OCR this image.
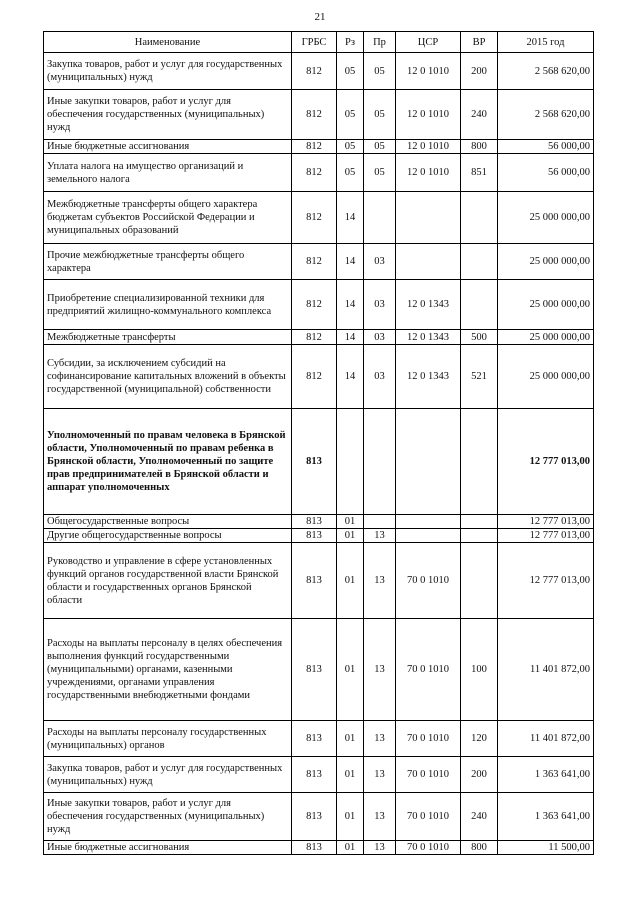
21
Наименование	ГРБС	Рз	Пр	ЦСР	ВР	2015 год
Закупка товаров, работ и услуг для государственных (муниципальных) нужд	812	05	05	12 0 1010	200	2 568 620,00
Иные закупки товаров, работ и услуг для обеспечения государственных (муниципальных) нужд	812	05	05	12 0 1010	240	2 568 620,00
Иные бюджетные ассигнования	812	05	05	12 0 1010	800	56 000,00
Уплата налога на имущество организаций и земельного налога	812	05	05	12 0 1010	851	56 000,00
Межбюджетные трансферты общего характера бюджетам субъектов Российской Федерации и муниципальных образований	812	14				25 000 000,00
Прочие межбюджетные трансферты общего характера	812	14	03			25 000 000,00
Приобретение специализированной техники для предприятий жилищно-коммунального комплекса	812	14	03	12 0 1343		25 000 000,00
Межбюджетные трансферты	812	14	03	12 0 1343	500	25 000 000,00
Субсидии, за исключением субсидий на софинансирование капитальных вложений в объекты государственной (муниципальной) собственности	812	14	03	12 0 1343	521	25 000 000,00
Уполномоченный по правам человека в Брянской области, Уполномоченный по правам ребенка в Брянской области, Уполномоченный по защите прав предпринимателей в Брянской области и аппарат уполномоченных	813					12 777 013,00
Общегосударственные вопросы	813	01				12 777 013,00
Другие общегосударственные вопросы	813	01	13			12 777 013,00
Руководство и управление в сфере установленных функций органов государственной власти Брянской области и государственных органов Брянской области	813	01	13	70 0 1010		12 777 013,00
Расходы на выплаты персоналу в целях обеспечения выполнения функций государственными (муниципальными) органами, казенными учреждениями, органами управления государственными внебюджетными фондами	813	01	13	70 0 1010	100	11 401 872,00
Расходы на выплаты персоналу государственных (муниципальных) органов	813	01	13	70 0 1010	120	11 401 872,00
Закупка товаров, работ и услуг для государственных (муниципальных) нужд	813	01	13	70 0 1010	200	1 363 641,00
Иные закупки товаров, работ и услуг для обеспечения государственных (муниципальных) нужд	813	01	13	70 0 1010	240	1 363 641,00
Иные бюджетные ассигнования	813	01	13	70 0 1010	800	11 500,00
